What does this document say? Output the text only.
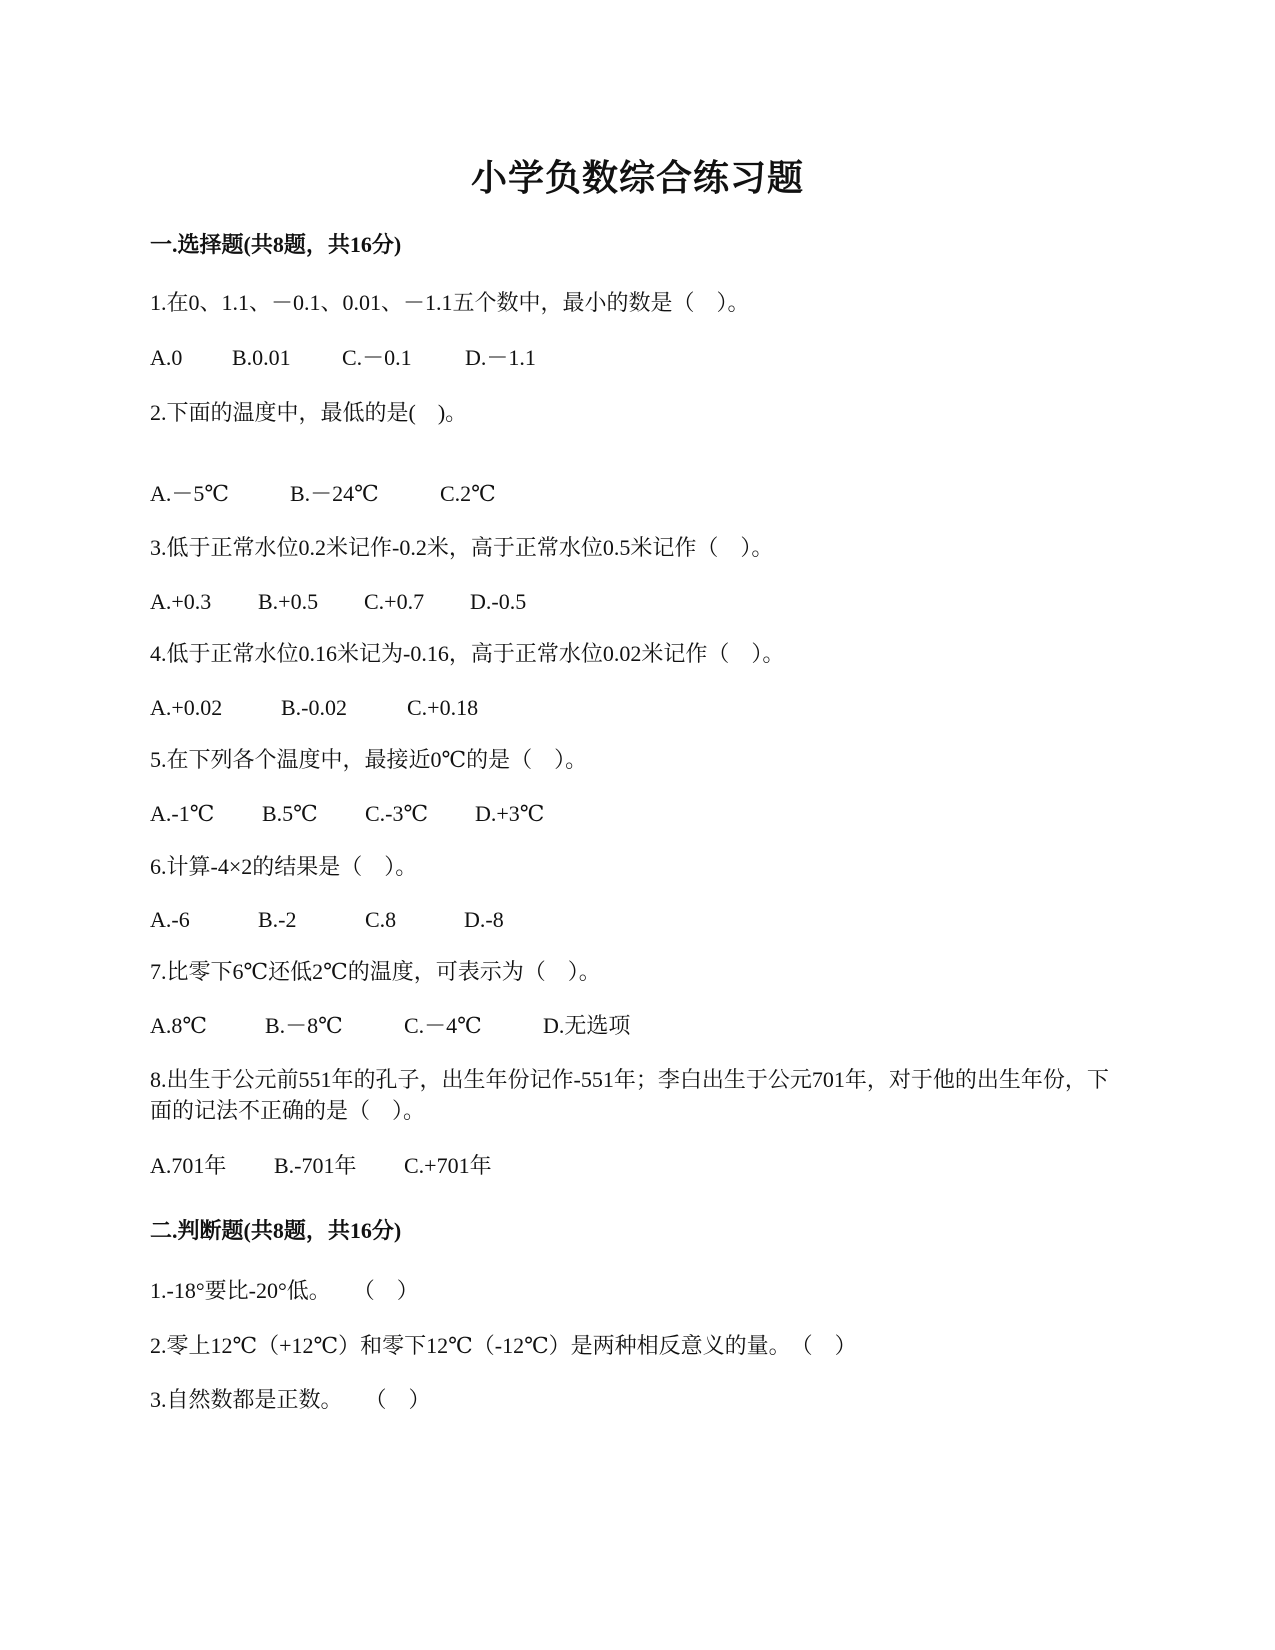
小学负数综合练习题
一.选择题(共8题，共16分)
1.在0、1.1、－0.1、0.01、－1.1五个数中，最小的数是（　）。
A.0	B.0.01	C.－0.1	D.－1.1
2.下面的温度中，最低的是(　)。
A.－5℃	B.－24℃	C.2℃
3.低于正常水位0.2米记作-0.2米，高于正常水位0.5米记作（　）。
A.+0.3	B.+0.5	C.+0.7	D.-0.5
4.低于正常水位0.16米记为-0.16，高于正常水位0.02米记作（　）。
A.+0.02	B.-0.02	C.+0.18
5.在下列各个温度中，最接近0℃的是（　）。
A.-1℃	B.5℃	C.-3℃	D.+3℃
6.计算-4×2的结果是（　）。
A.-6	B.-2	C.8	D.-8
7.比零下6℃还低2℃的温度，可表示为（　）。
A.8℃	B.－8℃	C.－4℃	D.无选项
8.出生于公元前551年的孔子，出生年份记作-551年；李白出生于公元701年，对于他的出生年份，下面的记法不正确的是（　）。
A.701年	B.-701年	C.+701年
二.判断题(共8题，共16分)
1.-18°要比-20°低。　　（　）
2.零上12℃（+12℃）和零下12℃（-12℃）是两种相反意义的量。　（　）
3.自然数都是正数。　　（　）
